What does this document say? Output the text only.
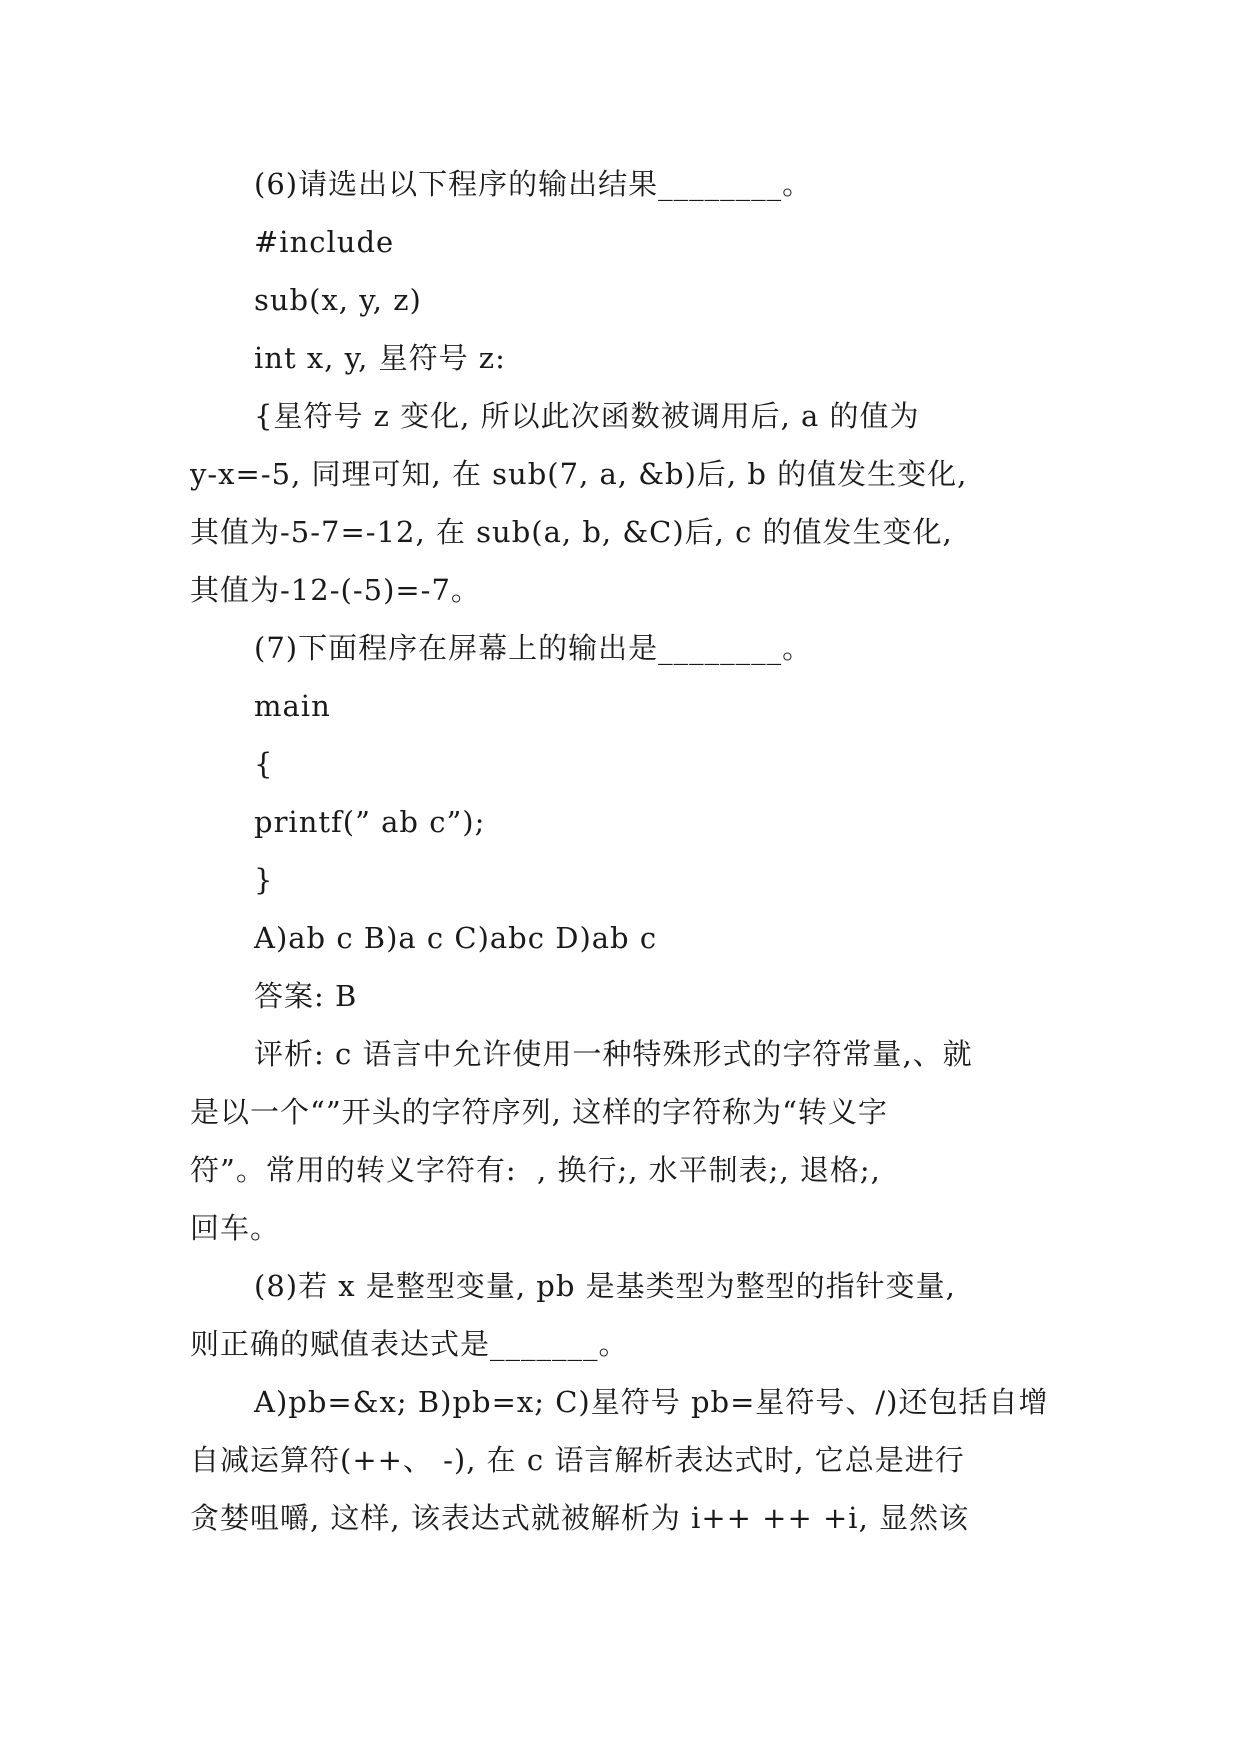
(6)请选出以下程序的输出结果________。
#include
sub(x, y, z)
int x, y, 星符号 z:
{星符号 z 变化, 所以此次函数被调用后, a 的值为
y-x=-5, 同理可知, 在 sub(7, a, &b)后, b 的值发生变化,
其值为-5-7=-12, 在 sub(a, b, &C)后, c 的值发生变化,
其值为-12-(-5)=-7。
(7)下面程序在屏幕上的输出是________。
main
{
printf(” ab c”);
}
A)ab c B)a c C)abc D)ab c
答案: B
评析: c 语言中允许使用一种特殊形式的字符常量,、就
是以一个“”开头的字符序列, 这样的字符称为“转义字
符”。常用的转义字符有:  , 换行;, 水平制表;, 退格;,
回车。
(8)若 x 是整型变量, pb 是基类型为整型的指针变量,
则正确的赋值表达式是_______。
A)pb=&x; B)pb=x; C)星符号 pb=星符号、/)还包括自增
自减运算符(++、 -), 在 c 语言解析表达式时, 它总是进行
贪婪咀嚼, 这样, 该表达式就被解析为 i++ ++ +i, 显然该
